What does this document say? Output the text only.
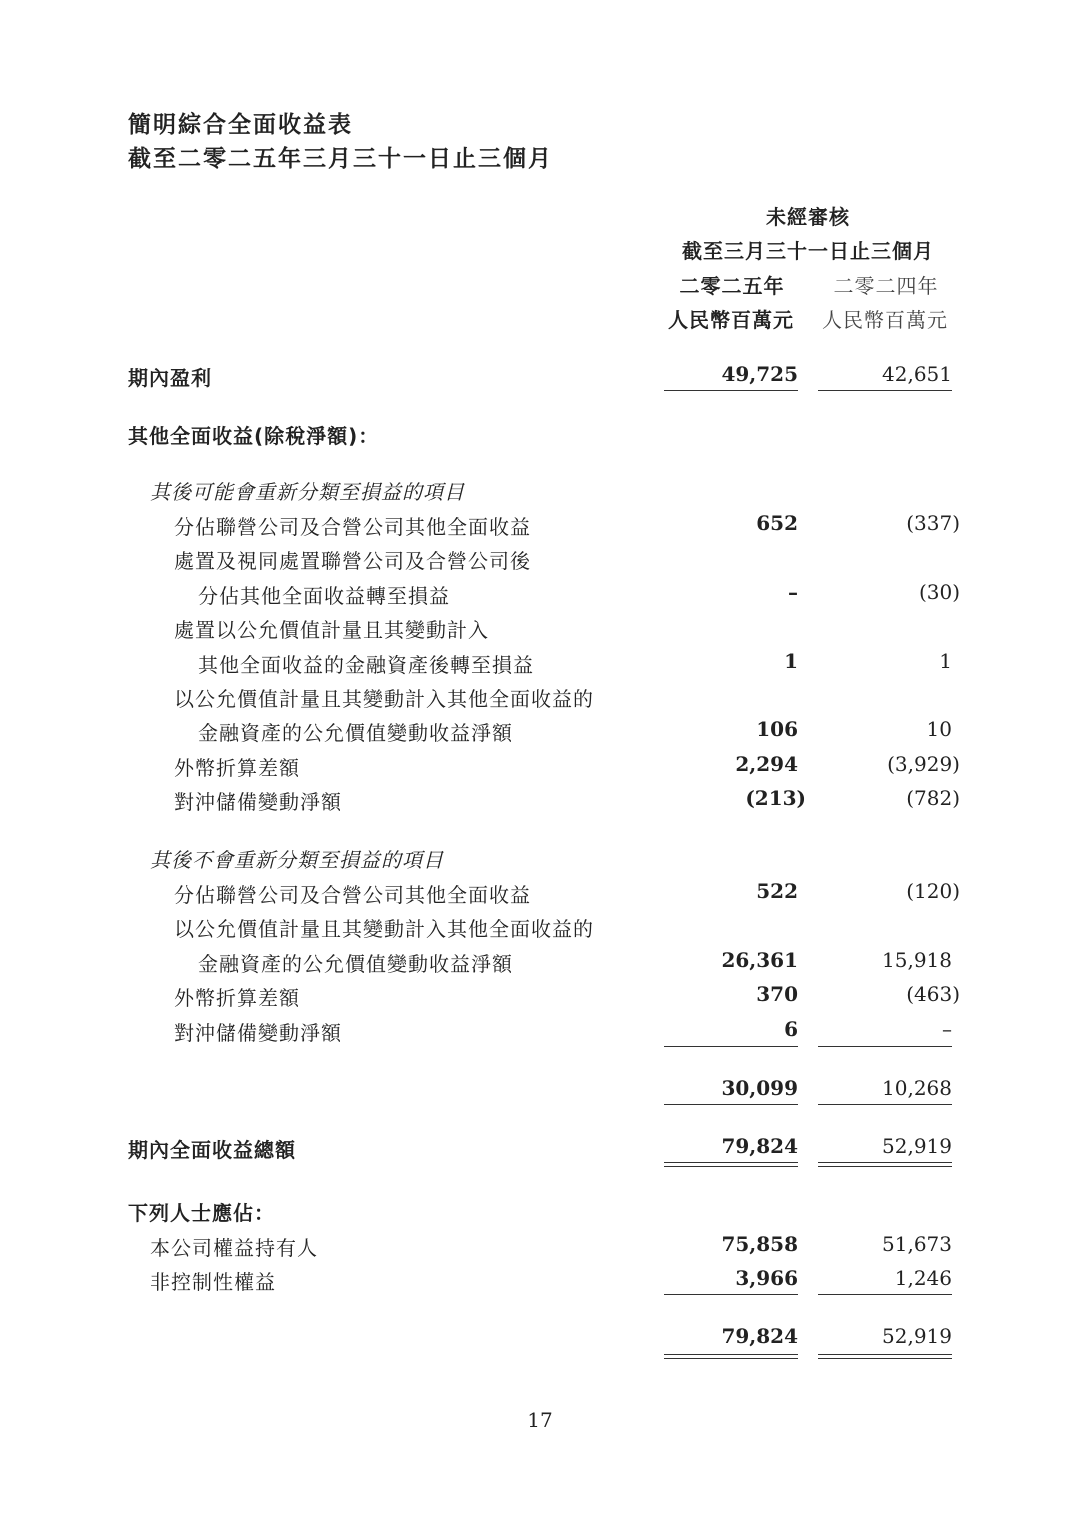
簡明綜合全面收益表
截至二零二五年三月三十一日止三個月
未經審核
截至三月三十一日止三個月
二零二五年	二零二四年
人民幣百萬元	人民幣百萬元
期內盈利	49,725	42,651
其他全面收益(除稅淨額)：
其後可能會重新分類至損益的項目
分佔聯營公司及合營公司其他全面收益	652	(337)
處置及視同處置聯營公司及合營公司後
分佔其他全面收益轉至損益	–	(30)
處置以公允價值計量且其變動計入
其他全面收益的金融資產後轉至損益	1	1
以公允價值計量且其變動計入其他全面收益的
金融資產的公允價值變動收益淨額	106	10
外幣折算差額	2,294	(3,929)
對沖儲備變動淨額	(213)	(782)
其後不會重新分類至損益的項目
分佔聯營公司及合營公司其他全面收益	522	(120)
以公允價值計量且其變動計入其他全面收益的
金融資產的公允價值變動收益淨額	26,361	15,918
外幣折算差額	370	(463)
對沖儲備變動淨額	6	–
30,099	10,268
期內全面收益總額	79,824	52,919
下列人士應佔：
本公司權益持有人	75,858	51,673
非控制性權益	3,966	1,246
79,824	52,919
17
